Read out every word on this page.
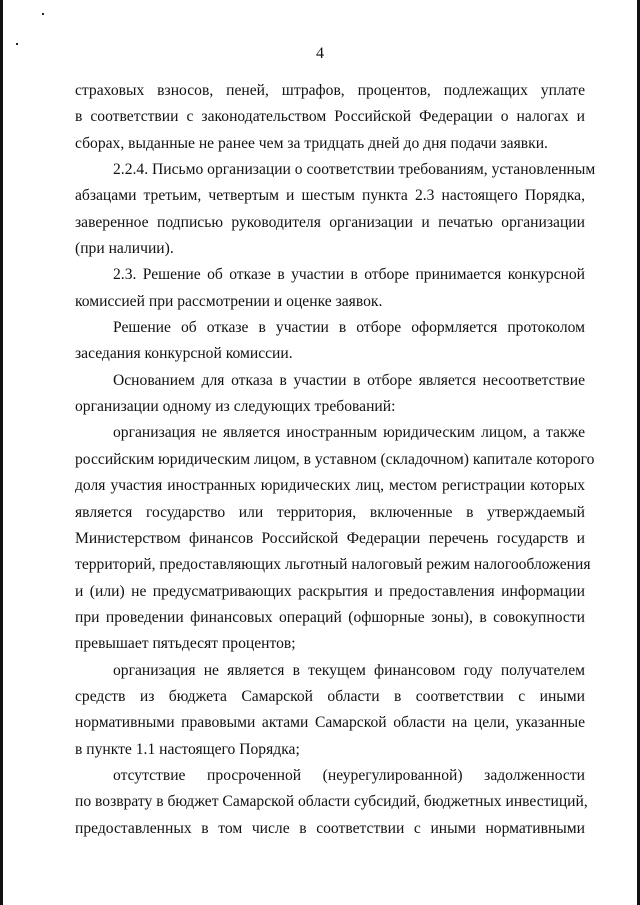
4
страховых взносов, пеней, штрафов, процентов, подлежащих уплате
в соответствии с законодательством Российской Федерации о налогах и
сборах, выданные не ранее чем за тридцать дней до дня подачи заявки.
2.2.4. Письмо организации о соответствии требованиям, установленным
абзацами третьим, четвертым и шестым пункта 2.3 настоящего Порядка,
заверенное подписью руководителя организации и печатью организации
(при наличии).
2.3. Решение об отказе в участии в отборе принимается конкурсной
комиссией при рассмотрении и оценке заявок.
Решение об отказе в участии в отборе оформляется протоколом
заседания конкурсной комиссии.
Основанием для отказа в участии в отборе является несоответствие
организации одному из следующих требований:
организация не является иностранным юридическим лицом, а также
российским юридическим лицом, в уставном (складочном) капитале которого
доля участия иностранных юридических лиц, местом регистрации которых
является государство или территория, включенные в утверждаемый
Министерством финансов Российской Федерации перечень государств и
территорий, предоставляющих льготный налоговый режим налогообложения
и (или) не предусматривающих раскрытия и предоставления информации
при проведении финансовых операций (офшорные зоны), в совокупности
превышает пятьдесят процентов;
организация не является в текущем финансовом году получателем
средств из бюджета Самарской области в соответствии с иными
нормативными правовыми актами Самарской области на цели, указанные
в пункте 1.1 настоящего Порядка;
отсутствие просроченной (неурегулированной) задолженности
по возврату в бюджет Самарской области субсидий, бюджетных инвестиций,
предоставленных в том числе в соответствии с иными нормативными
